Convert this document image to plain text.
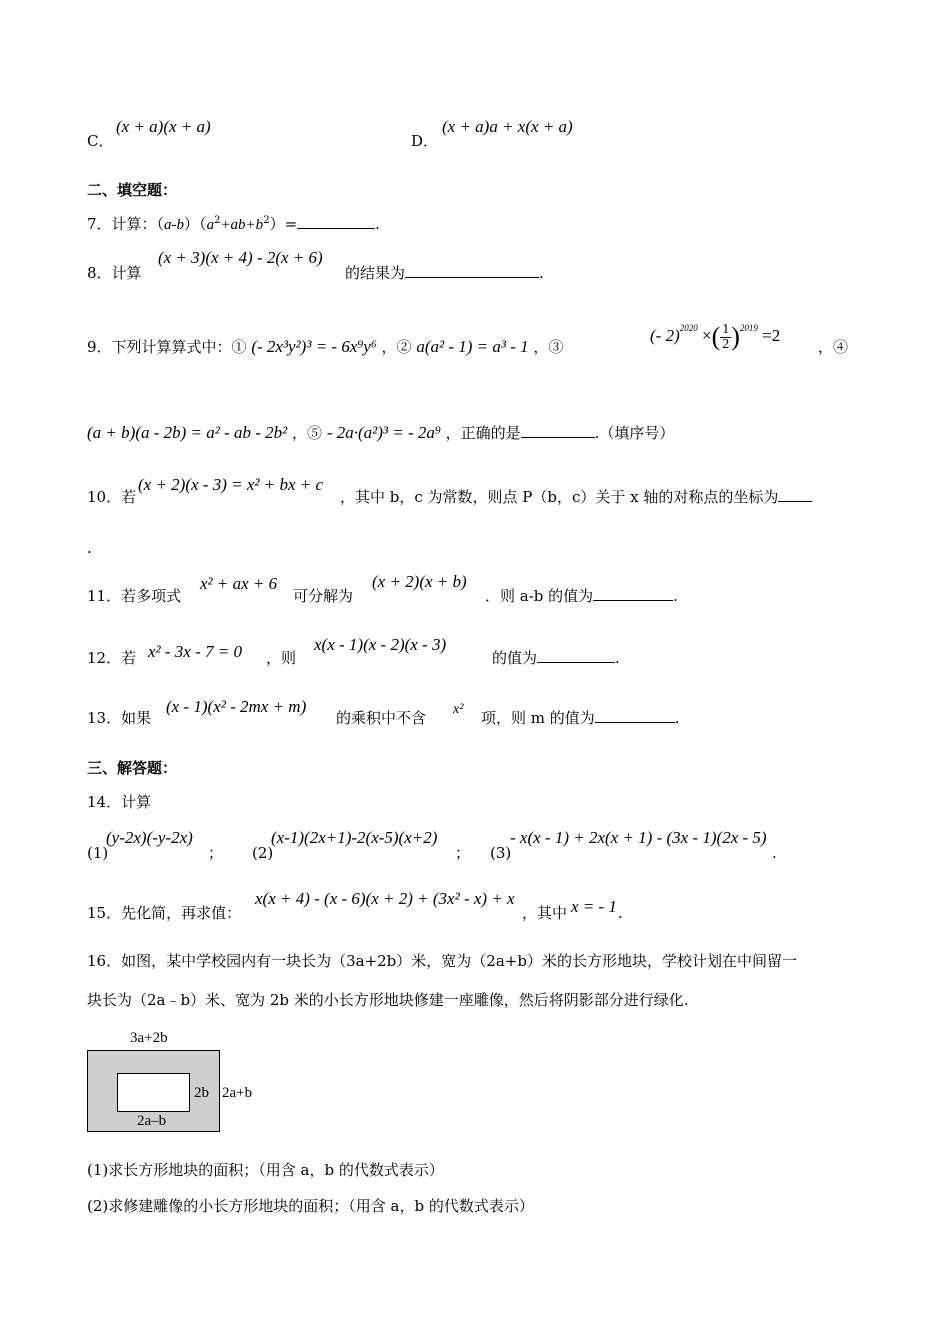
C．
(x + a)(x + a)
D．
(x + a)a + x(x + a)
二、填空题：
7．计算：$(a-b)(a^2+ab+b^2)=$	.
8．计算
(x + 3)(x + 4) - 2(x + 6)
的结果为	.
9．下列计算算式中：① (- 2x³y²)³ = - 6x⁹y⁶ ，② a(a² - 1) = a³ - 1 ，③
(- 2)$^{2020}$ ×( $\frac{1}{2} )^{2019} =2$
，④
(a + b)(a - 2b) = a² - ab - 2b² ，⑤ - 2a·(a²)³ = - 2a⁹ ，正确的是	.（填序号）
10．若
(x + 2)(x - 3) = x² + bx + c
，其中 b，c 为常数，则点 P（b，c）关于 x 轴的对称点的坐标为
.
11．若多项式
x² + ax + 6
可分解为
(x + 2)(x + b)
．则 a-b 的值为	.
12．若 x² - 3x - 7 = 0 ，则
x(x - 1)(x - 2)(x - 3)
的值为	.
13．如果
(x - 1)(x² - 2mx + m)
的乘积中不含 x² 项，则 m 的值为	.
三、解答题：
14．计算
(1)
(y-2x)(-y-2x)
； (2)
(x-1)(2x+1)-2(x-5)(x+2)
； (3)
- x(x - 1) + 2x(x + 1) - (3x - 1)(2x - 5)
.
15．先化简，再求值：
x(x + 4) - (x - 6)(x + 2) + (3x² - x) + x
，其中 x = - 1 .
16．如图，某中学校园内有一块长为（3a+2b）米，宽为（2a+b）米的长方形地块，学校计划在中间留一
块长为（2a﹣b）米、宽为 2b 米的小长方形地块修建一座雕像，然后将阴影部分进行绿化.
3a+2b
2b 2a+b
2a–b
(1)求长方形地块的面积；（用含 a，b 的代数式表示）
(2)求修建雕像的小长方形地块的面积；（用含 a，b 的代数式表示）
